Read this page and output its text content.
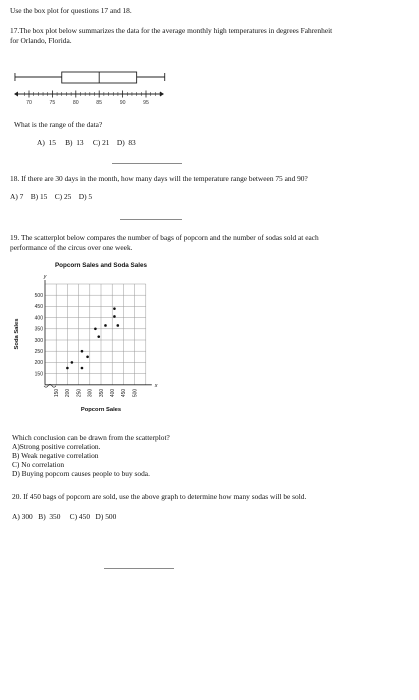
Use the box plot for questions 17 and 18.
17.The box plot below summarizes the data for the average monthly high temperatures in degrees Fahrenheit
for Orlando, Florida.
70	75	80	85	90	95
What is the range of the data?
A)  15     B)  13     C) 21    D)  83
18. If there are 30 days in the month, how many days will the temperature range between 75 and 90?
A) 7    B) 15    C) 25    D) 5
19. The scatterplot below compares the number of bags of popcorn and the number of sodas sold at each
performance of the circus over one week.
Popcorn Sales and Soda Sales
y
x
500
450
400
350
300
250
200
150
150 200 250 300 350 400 450 500
Soda Sales
Popcorn Sales
Which conclusion can be drawn from the scatterplot?
A)Strong positive correlation.
B) Weak negative correlation
C) No correlation
D) Buying popcorn causes people to buy soda.
20. If 450 bags of popcorn are sold, use the above graph to determine how many sodas will be sold.
A) 300   B)  350     C) 450   D) 500
